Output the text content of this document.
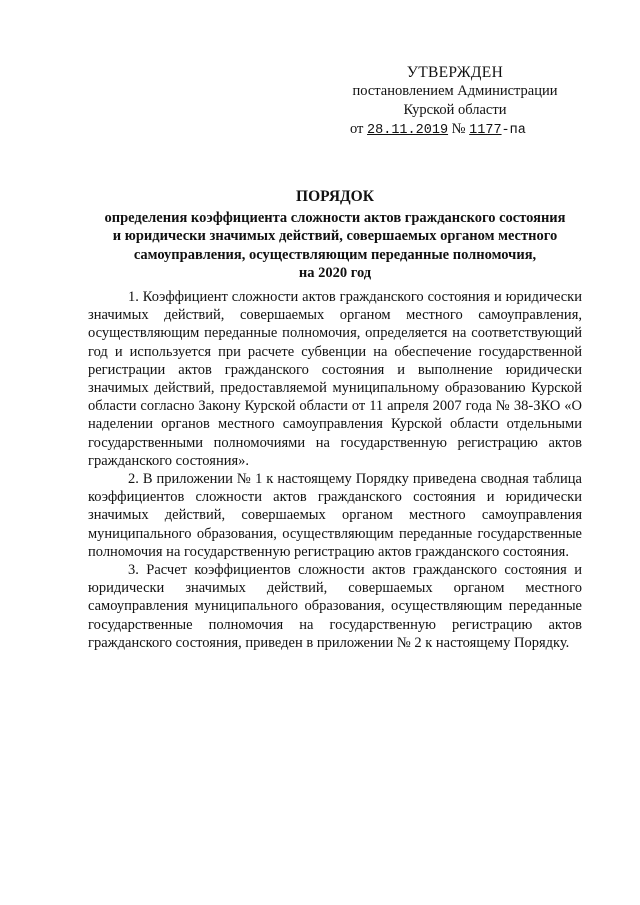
УТВЕРЖДЕН
постановлением Администрации
Курской области
от 28.11.2019 № 1177-па
ПОРЯДОК
определения коэффициента сложности актов гражданского состояния
и юридически значимых действий, совершаемых органом местного
самоуправления, осуществляющим переданные полномочия,
на 2020 год

1. Коэффициент сложности актов гражданского состояния и юридически значимых действий, совершаемых органом местного самоуправления, осуществляющим переданные полномочия, определяется на соответствующий год и используется при расчете субвенции на обеспечение государственной регистрации актов гражданского состояния и выполнение юридически значимых действий, предоставляемой муниципальному образованию Курской области согласно Закону Курской области от 11 апреля 2007 года № 38-ЗКО «О наделении органов местного самоуправления Курской области отдельными государственными полномочиями на государственную регистрацию актов гражданского состояния».

2. В приложении № 1 к настоящему Порядку приведена сводная таблица коэффициентов сложности актов гражданского состояния и юридически значимых действий, совершаемых органом местного самоуправления муниципального образования, осуществляющим переданные государственные полномочия на государственную регистрацию актов гражданского состояния.

3. Расчет коэффициентов сложности актов гражданского состояния и юридически значимых действий, совершаемых органом местного самоуправления муниципального образования, осуществляющим переданные государственные полномочия на государственную регистрацию актов гражданского состояния, приведен в приложении № 2 к настоящему Порядку.
